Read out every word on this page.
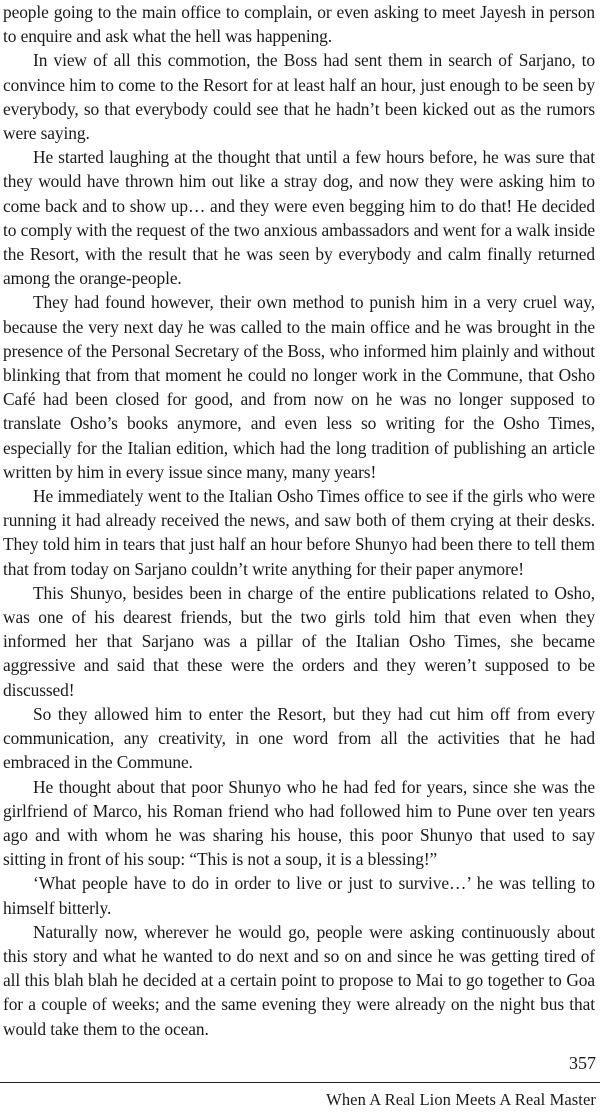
people going to the main office to complain, or even asking to meet Jayesh in person to enquire and ask what the hell was happening.

In view of all this commotion, the Boss had sent them in search of Sarjano, to convince him to come to the Resort for at least half an hour, just enough to be seen by everybody, so that everybody could see that he hadn’t been kicked out as the rumors were saying.

He started laughing at the thought that until a few hours before, he was sure that they would have thrown him out like a stray dog, and now they were asking him to come back and to show up… and they were even begging him to do that! He decided to comply with the request of the two anxious ambassadors and went for a walk inside the Resort, with the result that he was seen by everybody and calm finally returned among the orange-people.

They had found however, their own method to punish him in a very cruel way, because the very next day he was called to the main office and he was brought in the presence of the Personal Secretary of the Boss, who informed him plainly and without blinking that from that moment he could no longer work in the Commune, that Osho Café had been closed for good, and from now on he was no longer supposed to translate Osho’s books anymore, and even less so writing for the Osho Times, especially for the Italian edition, which had the long tradition of publishing an article written by him in every issue since many, many years!

He immediately went to the Italian Osho Times office to see if the girls who were running it had already received the news, and saw both of them crying at their desks. They told him in tears that just half an hour before Shunyo had been there to tell them that from today on Sarjano couldn’t write anything for their paper anymore!

This Shunyo, besides been in charge of the entire publications related to Osho, was one of his dearest friends, but the two girls told him that even when they informed her that Sarjano was a pillar of the Italian Osho Times, she became aggressive and said that these were the orders and they weren’t supposed to be discussed!

So they allowed him to enter the Resort, but they had cut him off from every communication, any creativity, in one word from all the activities that he had embraced in the Commune.

He thought about that poor Shunyo who he had fed for years, since she was the girlfriend of Marco, his Roman friend who had followed him to Pune over ten years ago and with whom he was sharing his house, this poor Shunyo that used to say sitting in front of his soup: “This is not a soup, it is a blessing!”

‘What people have to do in order to live or just to survive…’ he was telling to himself bitterly.

Naturally now, wherever he would go, people were asking continuously about this story and what he wanted to do next and so on and since he was getting tired of all this blah blah he decided at a certain point to propose to Mai to go together to Goa for a couple of weeks; and the same evening they were already on the night bus that would take them to the ocean.

357
When A Real Lion Meets A Real Master
